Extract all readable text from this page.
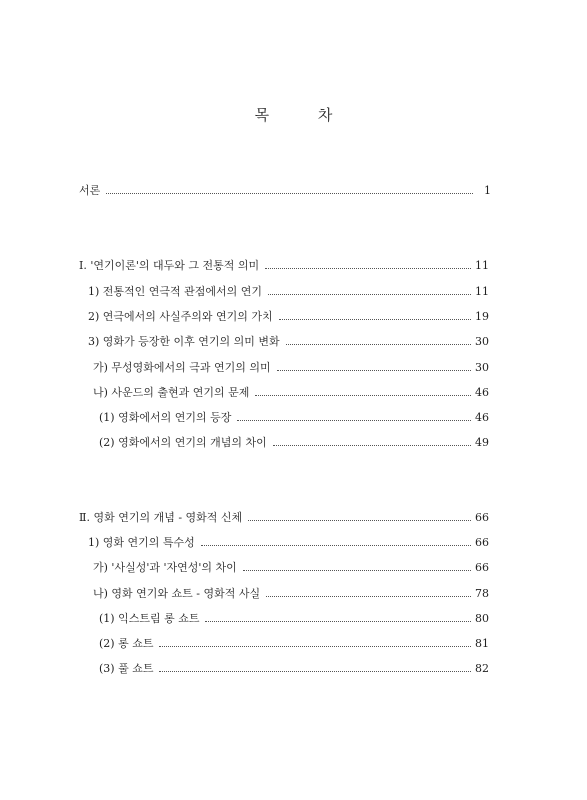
목 차
서론	1
Ⅰ. '연기이론'의 대두와 그 전통적 의미	11
1) 전통적인 연극적 관점에서의 연기	11
2) 연극에서의 사실주의와 연기의 가치	19
3) 영화가 등장한 이후 연기의 의미 변화	30
가) 무성영화에서의 극과 연기의 의미	30
나) 사운드의 출현과 연기의 문제	46
(1) 영화에서의 연기의 등장	46
(2) 영화에서의 연기의 개념의 차이	49
Ⅱ. 영화 연기의 개념 - 영화적 신체	66
1) 영화 연기의 특수성	66
가) '사실성'과 '자연성'의 차이	66
나) 영화 연기와 쇼트 - 영화적 사실	78
(1) 익스트림 롱 쇼트	80
(2) 롱 쇼트	81
(3) 풀 쇼트	82
